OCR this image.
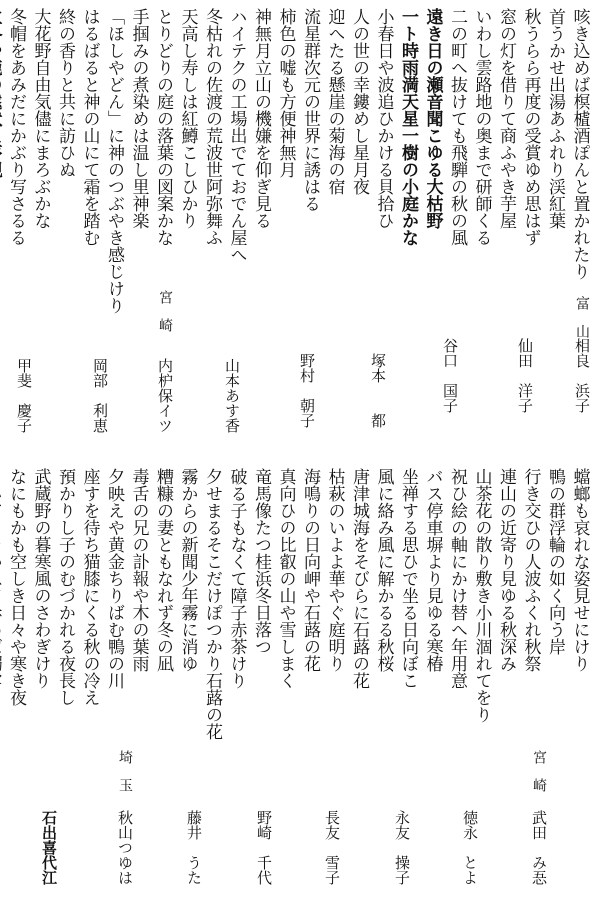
咳き込めば榠樝酒ぽんと置かれたり
首うかせ出湯あふれり渓紅葉
秋うらら再度の受賞ゆめ思はず
窓の灯を借りて商ふやき芋屋
いわし雲路地の奥まで研師くる
二の町へ抜けても飛騨の秋の風
遠き日の瀬音聞こゆる大枯野
一ト時雨満天星一樹の小庭かな
小春日や波追ひかける貝拾ひ
人の世の幸鏤めし星月夜
迎へたる懸崖の菊海の宿
流星群次元の世界に誘はる
柿色の嘘も方便神無月
神無月立山の機嫌を仰ぎ見る
ハイテクの工場出でておでん屋へ
冬枯れの佐渡の荒波世阿弥舞ふ
天高し寿しは紅鱒こしひかり
とりどりの庭の落葉の図案かな
手掴みの煮染めは温し里神楽
「ほしやどん」に神のつぶやき感じけり
はるばると神の山にて霜を踏む
終の香りと共に訪ひぬ
大花野自由気儘にまろぶかな
冬帽をあみだにかぶり写さるる
富　山
相良　浜子
仙田　洋子
谷口　国子
塚本　　都
野村　朝子
山本あす香
宮　崎
内枦保イツ
岡部　利恵
甲斐　慶子
蟷螂も哀れな姿見せにけり
鴨の群浮輪の如く向う岸
行き交ひの人波ふくれ秋祭
連山の近寄り見ゆる秋深み
山茶花の散り敷き小川涸れてをり
祝ひ絵の軸にかけ替へ年用意
バス停車塀より見ゆる寒椿
坐禅する思ひで坐る日向ぼこ
風に絡み風に解かるる秋桜
唐津城海をそびらに石蕗の花
枯萩のいよよ華やぐ庭明り
海鳴りの日向岬や石蕗の花
真向ひの比叡の山や雪しまく
竜馬像たつ桂浜冬日落つ
破る子もなくて障子赤茶けり
夕せまるそこだけぽつかり石蕗の花
霧からの新聞少年霧に消ゆ
糟糠の妻ともなれず冬の凪
毒舌の兄の訃報や木の葉雨
夕映えや黄金ちりばむ鴨の川
座すを待ち猫膝にくる秋の冷え
預かりし子のむづかれる夜長し
武蔵野の暮寒風のさわぎけり
なにもかも空しき日々や寒き夜
宮　崎
武田　み忢
徳永　とよ
永友　操子
長友　雪子
野崎　千代
藤井　うた
埼　玉
秋山つゆは
石出喜代江
